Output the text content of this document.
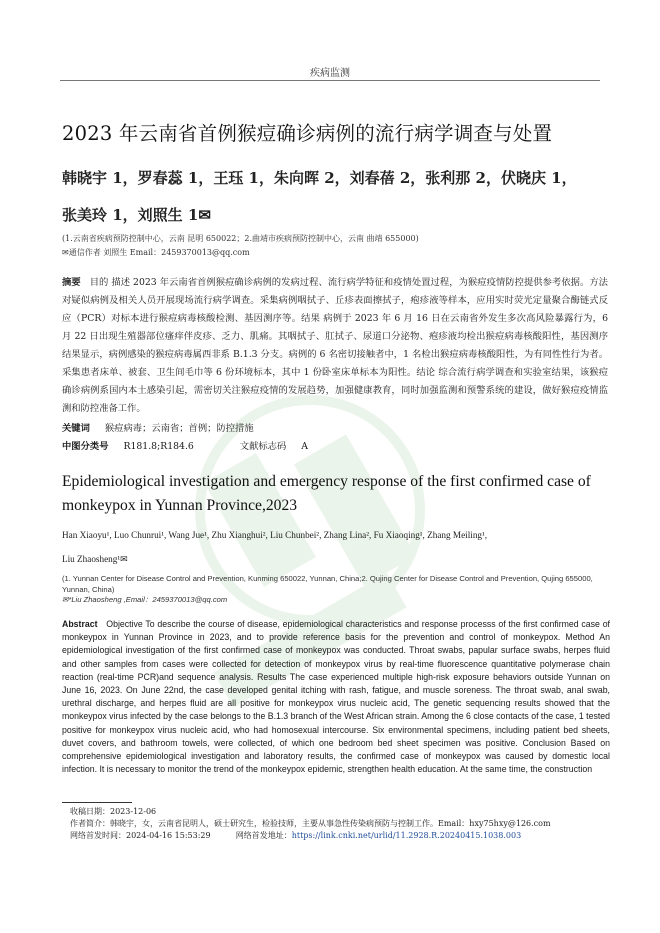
疾病监测
2023 年云南省首例猴痘确诊病例的流行病学调查与处置
韩晓宇 1，罗春蕊 1，王珏 1，朱向晖 2，刘春蓓 2，张利那 2，伏晓庆 1，
张美玲 1，刘照生 1✉
(1.云南省疾病预防控制中心，云南 昆明 650022；2.曲靖市疾病预防控制中心，云南 曲靖 655000)
✉通信作者 刘照生 Email：2459370013@qq.com
摘要 目的 描述 2023 年云南省首例猴痘确诊病例的发病过程、流行病学特征和疫情处置过程，为猴痘疫情防控提供参考依据。方法 对疑似病例及相关人员开展现场流行病学调查。采集病例咽拭子、丘疹表面擦拭子，疱疹液等样本，应用实时荧光定量聚合酶链式反应（PCR）对标本进行猴痘病毒核酸检测、基因测序等。结果 病例于 2023 年 6 月 16 日在云南省外发生多次高风险暴露行为，6 月 22 日出现生殖器部位瘙痒伴皮疹、乏力、肌痛。其咽拭子、肛拭子、尿道口分泌物、疱疹液均检出猴痘病毒核酸阳性，基因测序结果显示，病例感染的猴痘病毒属西非系 B.1.3 分支。病例的 6 名密切接触者中，1 名检出猴痘病毒核酸阳性，为有同性性行为者。采集患者床单、被套、卫生间毛巾等 6 份环境标本，其中 1 份卧室床单标本为阳性。结论 综合流行病学调查和实验室结果，该猴痘确诊病例系国内本土感染引起，需密切关注猴痘疫情的发展趋势，加强健康教育，同时加强监测和预警系统的建设，做好猴痘疫情监测和防控准备工作。
关键词 猴痘病毒；云南省；首例；防控措施
中图分类号 R181.8;R184.6	文献标志码 A
Epidemiological investigation and emergency response of the first confirmed case of monkeypox in Yunnan Province,2023
Han Xiaoyu¹, Luo Chunrui¹, Wang Jue¹, Zhu Xianghui², Liu Chunbei², Zhang Lina², Fu Xiaoqing¹, Zhang Meiling¹,
Liu Zhaosheng¹✉
(1. Yunnan Center for Disease Control and Prevention, Kunming 650022, Yunnan, China;2. Qujing Center for Disease Control and Prevention, Qujing 655000, Yunnan, China)
✉*Liu Zhaosheng ,Email：2459370013@qq.com
Abstract Objective To describe the course of disease, epidemiological characteristics and response processs of the first confirmed case of monkeypox in Yunnan Province in 2023, and to provide reference basis for the prevention and control of monkeypox. Method An epidemiological investigation of the first confirmed case of monkeypox was conducted. Throat swabs, papular surface swabs, herpes fluid and other samples from cases were collected for detection of monkeypox virus by real-time fluorescence quantitative polymerase chain reaction (real-time PCR)and sequence analysis. Results The case experienced multiple high-risk exposure behaviors outside Yunnan on June 16, 2023. On June 22nd, the case developed genital itching with rash, fatigue, and muscle soreness. The throat swab, anal swab, urethral discharge, and herpes fluid are all positive for monkeypox virus nucleic acid, The genetic sequencing results showed that the monkeypox virus infected by the case belongs to the B.1.3 branch of the West African strain. Among the 6 close contacts of the case, 1 tested positive for monkeypox virus nucleic acid, who had homosexual intercourse. Six environmental specimens, including patient bed sheets, duvet covers, and bathroom towels, were collected, of which one bedroom bed sheet specimen was positive. Conclusion Based on comprehensive epidemiological investigation and laboratory results, the confirmed case of monkeypox was caused by domestic local infection. It is necessary to monitor the trend of the monkeypox epidemic, strengthen health education. At the same time, the construction
收稿日期：2023-12-06
作者简介：韩晓宇，女，云南省昆明人，硕士研究生，检验技师，主要从事急性传染病预防与控制工作。Email：hxy75hxy@126.com
网络首发时间：2024-04-16 15:53:29	网络首发地址：https://link.cnki.net/urlid/11.2928.R.20240415.1038.003
